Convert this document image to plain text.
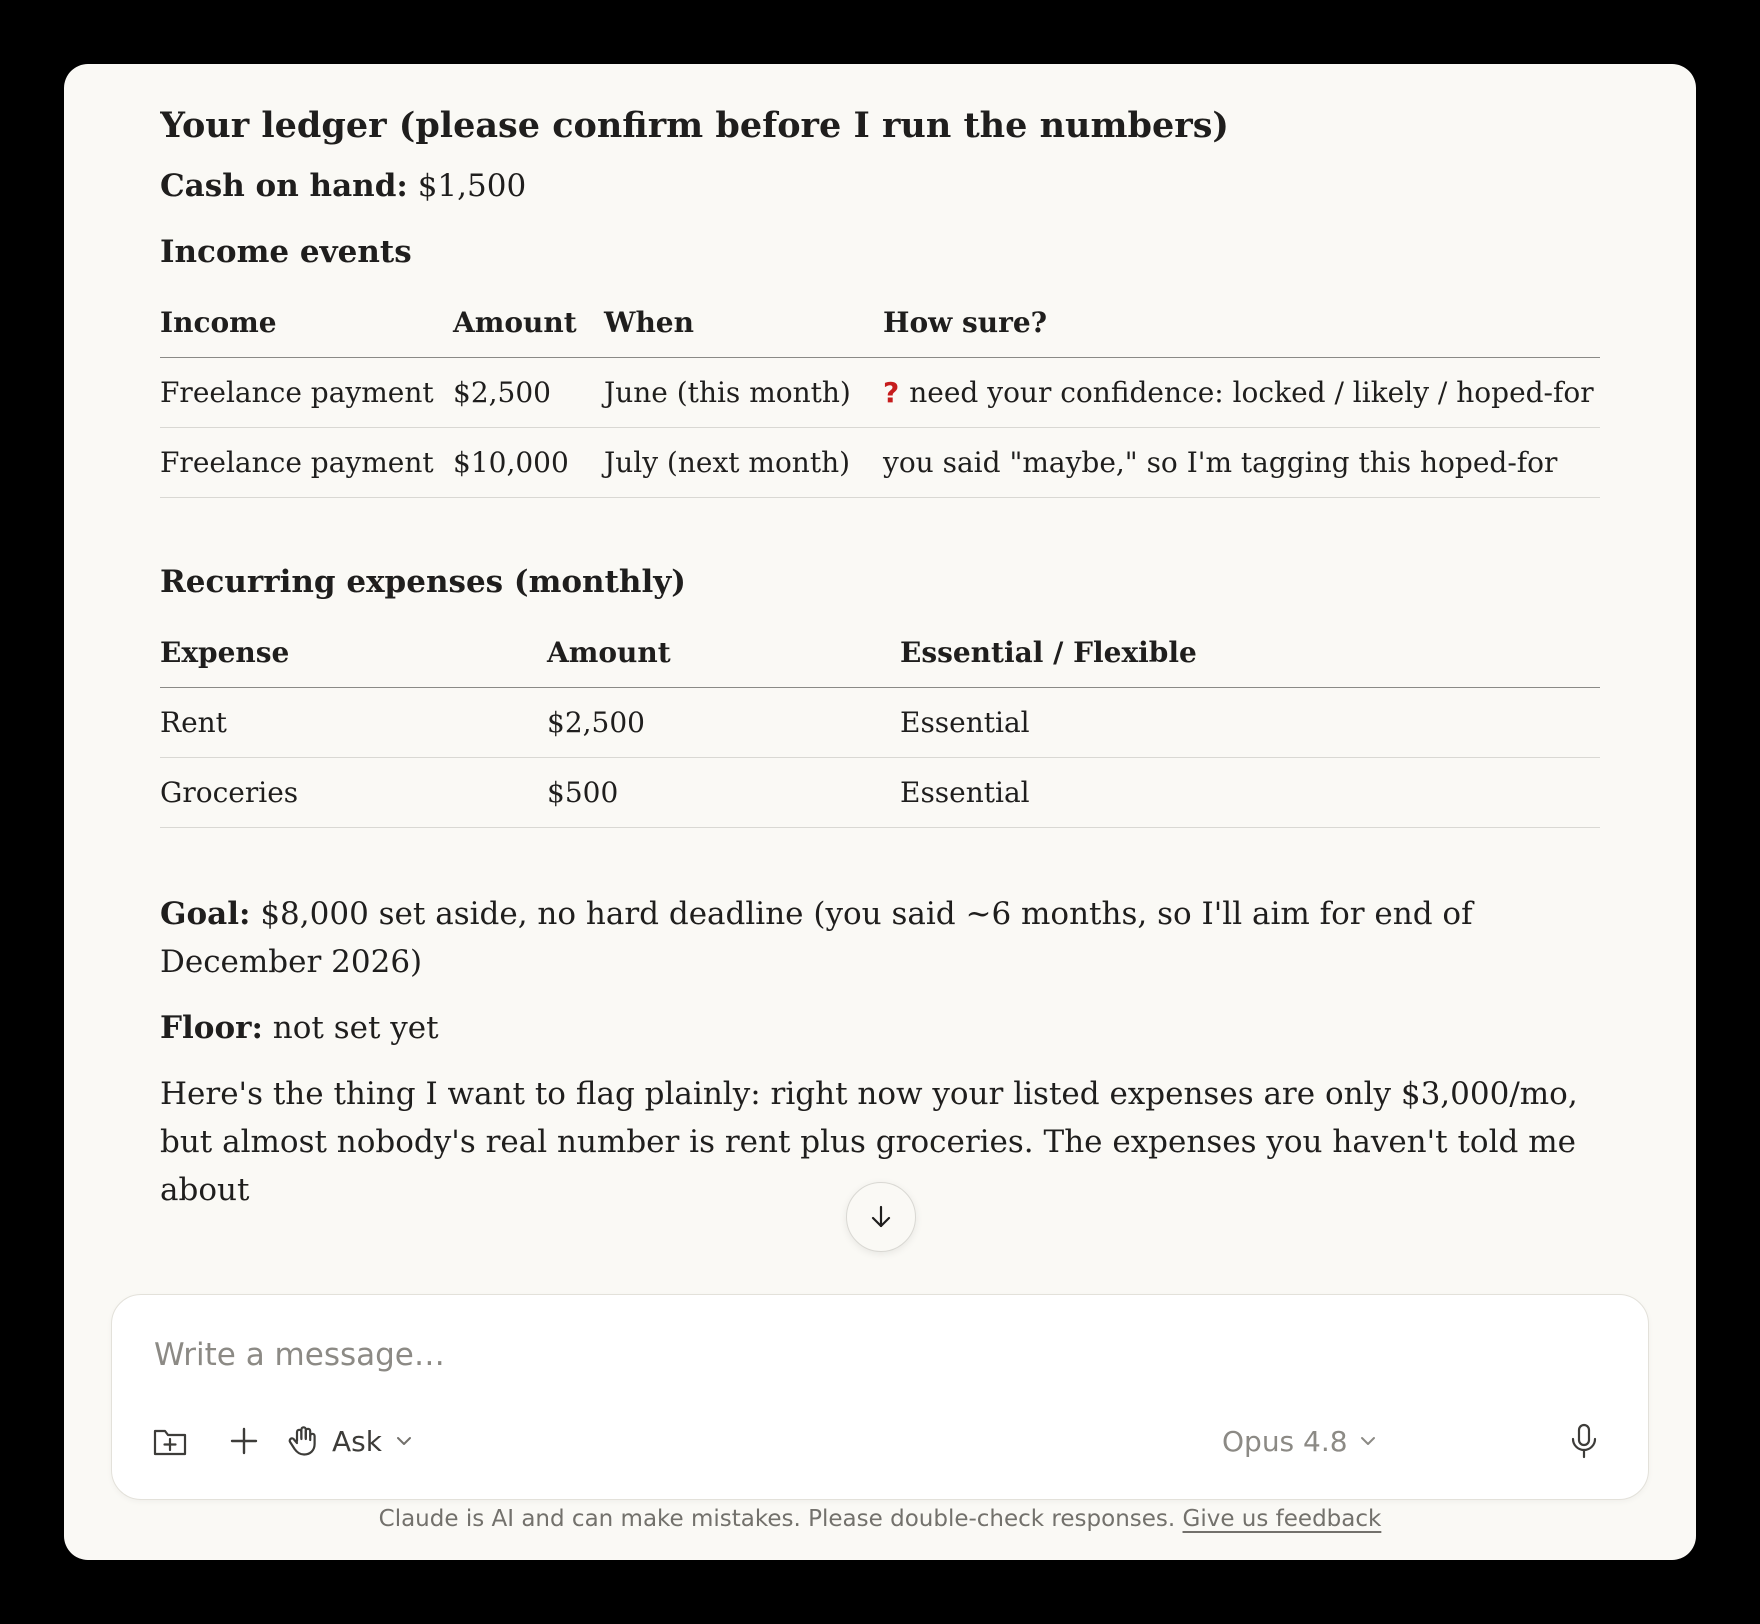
Your ledger (please confirm before I run the numbers)

Cash on hand: $1,500

Income events
Income	Amount	When	How sure?
Freelance payment	$2,500	June (this month)	? need your confidence: locked / likely / hoped-for
Freelance payment	$10,000	July (next month)	you said "maybe," so I'm tagging this hoped-for
Recurring expenses (monthly)
Expense	Amount	Essential / Flexible
Rent	$2,500	Essential
Groceries	$500	Essential

Goal: $8,000 set aside, no hard deadline (you said ~6 months, so I'll aim for end of December 2026)

Floor: not set yet

Here's the thing I want to flag plainly: right now your listed expenses are only $3,000/mo, but almost nobody's real number is rent plus groceries. The expenses you haven't told me about

Write a message…
Ask	Opus 4.8
Claude is AI and can make mistakes. Please double-check responses. Give us feedback
